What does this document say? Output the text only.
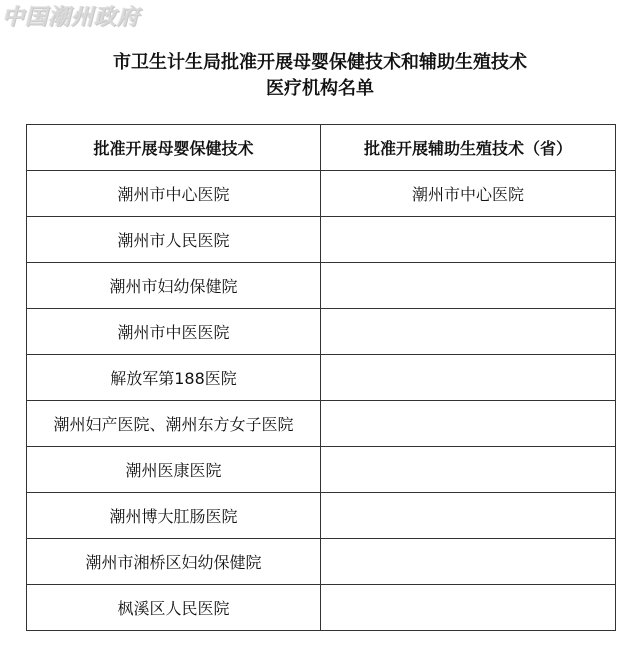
中国潮州政府
市卫生计生局批准开展母婴保健技术和辅助生殖技术
医疗机构名单
批准开展母婴保健技术	批准开展辅助生殖技术（省）
潮州市中心医院	潮州市中心医院
潮州市人民医院	
潮州市妇幼保健院	
潮州市中医医院	
解放军第188医院	
潮州妇产医院、潮州东方女子医院	
潮州医康医院	
潮州博大肛肠医院	
潮州市湘桥区妇幼保健院	
枫溪区人民医院	
